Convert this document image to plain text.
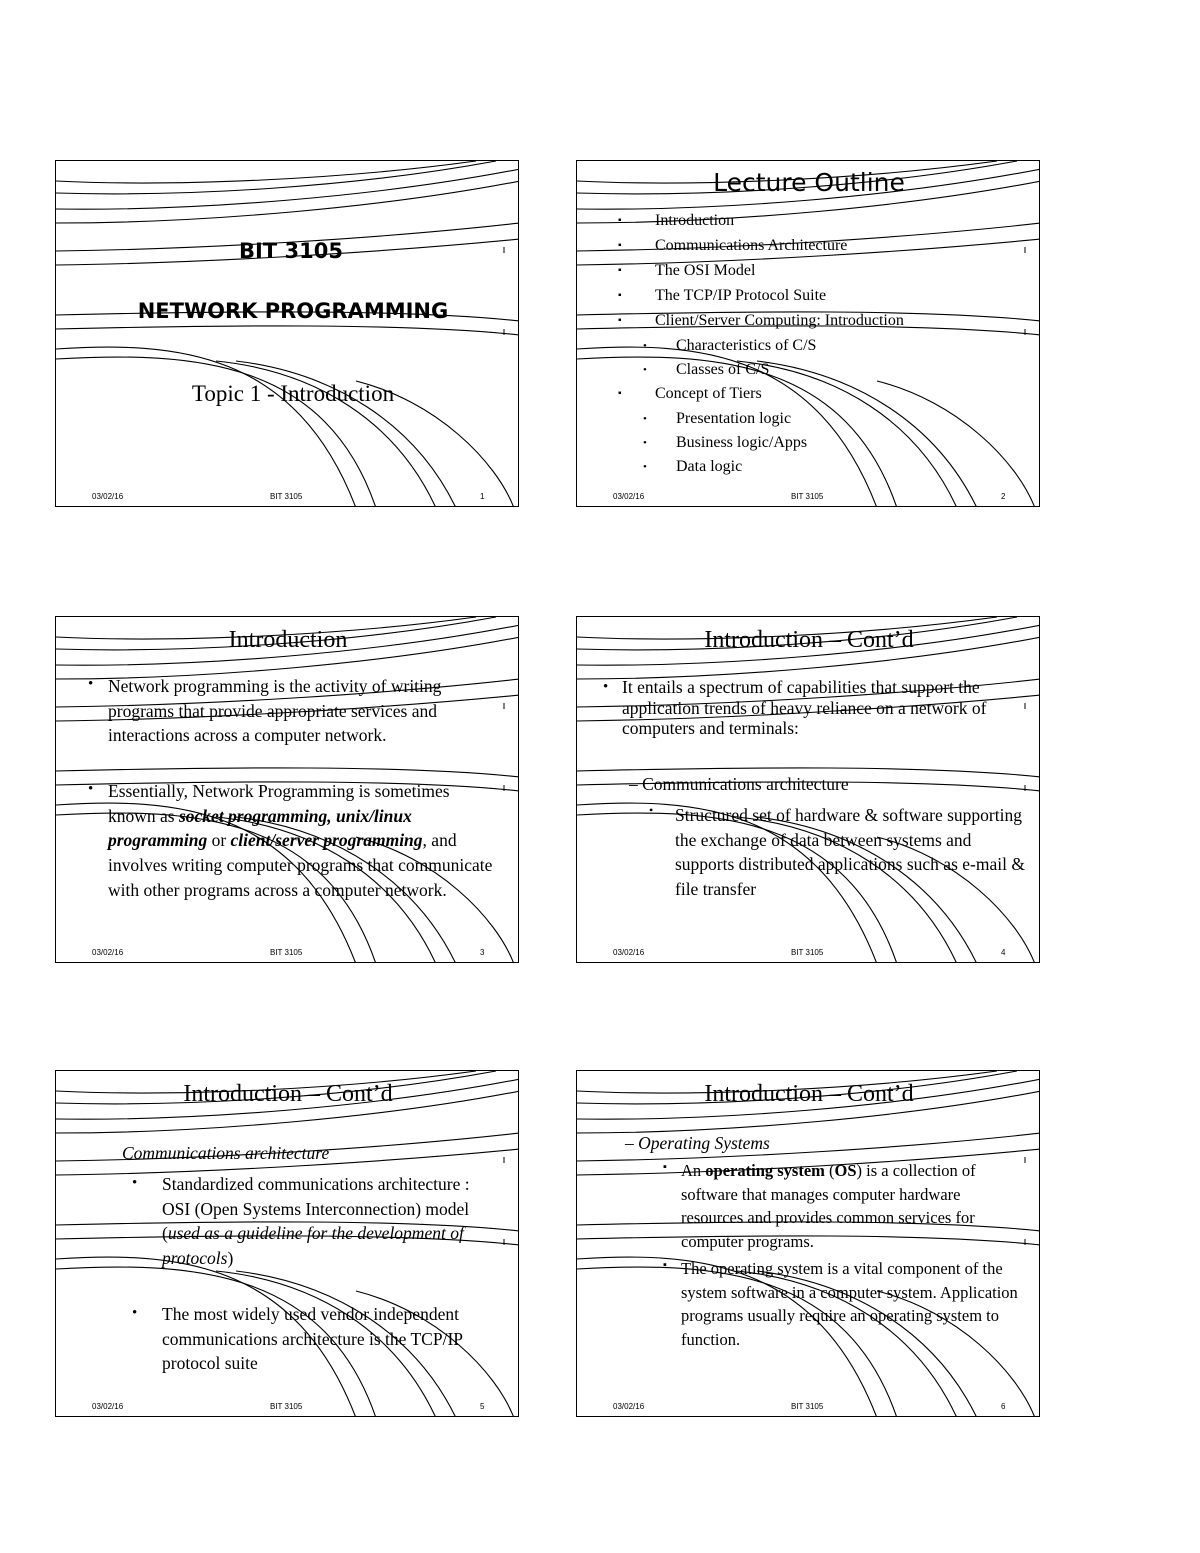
BIT 3105
NETWORK PROGRAMMING
Topic 1 - Introduction
03/02/16	BIT 3105	1
Lecture Outline
▪ Introduction
▪ Communications Architecture
▪ The OSI Model
▪ The TCP/IP Protocol Suite
▪ Client/Server Computing: Introduction
• Characteristics of C/S
• Classes of C/S
▪ Concept of Tiers
• Presentation logic
• Business logic/Apps
• Data logic
03/02/16	BIT 3105	2
Introduction
• Network programming is the activity of writing programs that provide appropriate services and interactions across a computer network.
• Essentially, Network Programming is sometimes known as socket programming, unix/linux programming or client/server programming, and involves writing computer programs that communicate with other programs across a computer network.
03/02/16	BIT 3105	3
Introduction – Cont’d
• It entails a spectrum of capabilities that support the application trends of heavy reliance on a network of computers and terminals:
– Communications architecture
• Structured set of hardware & software supporting the exchange of data between systems and supports distributed applications such as e-mail & file transfer
03/02/16	BIT 3105	4
Introduction – Cont’d
Communications architecture
• Standardized communications architecture : OSI (Open Systems Interconnection) model (used as a guideline for the development of protocols)
• The most widely used vendor independent communications architecture is the TCP/IP protocol suite
03/02/16	BIT 3105	5
Introduction – Cont’d
– Operating Systems
▪ An operating system (OS) is a collection of software that manages computer hardware resources and provides common services for computer programs.
▪ The operating system is a vital component of the system software in a computer system. Application programs usually require an operating system to function.
03/02/16	BIT 3105	6
